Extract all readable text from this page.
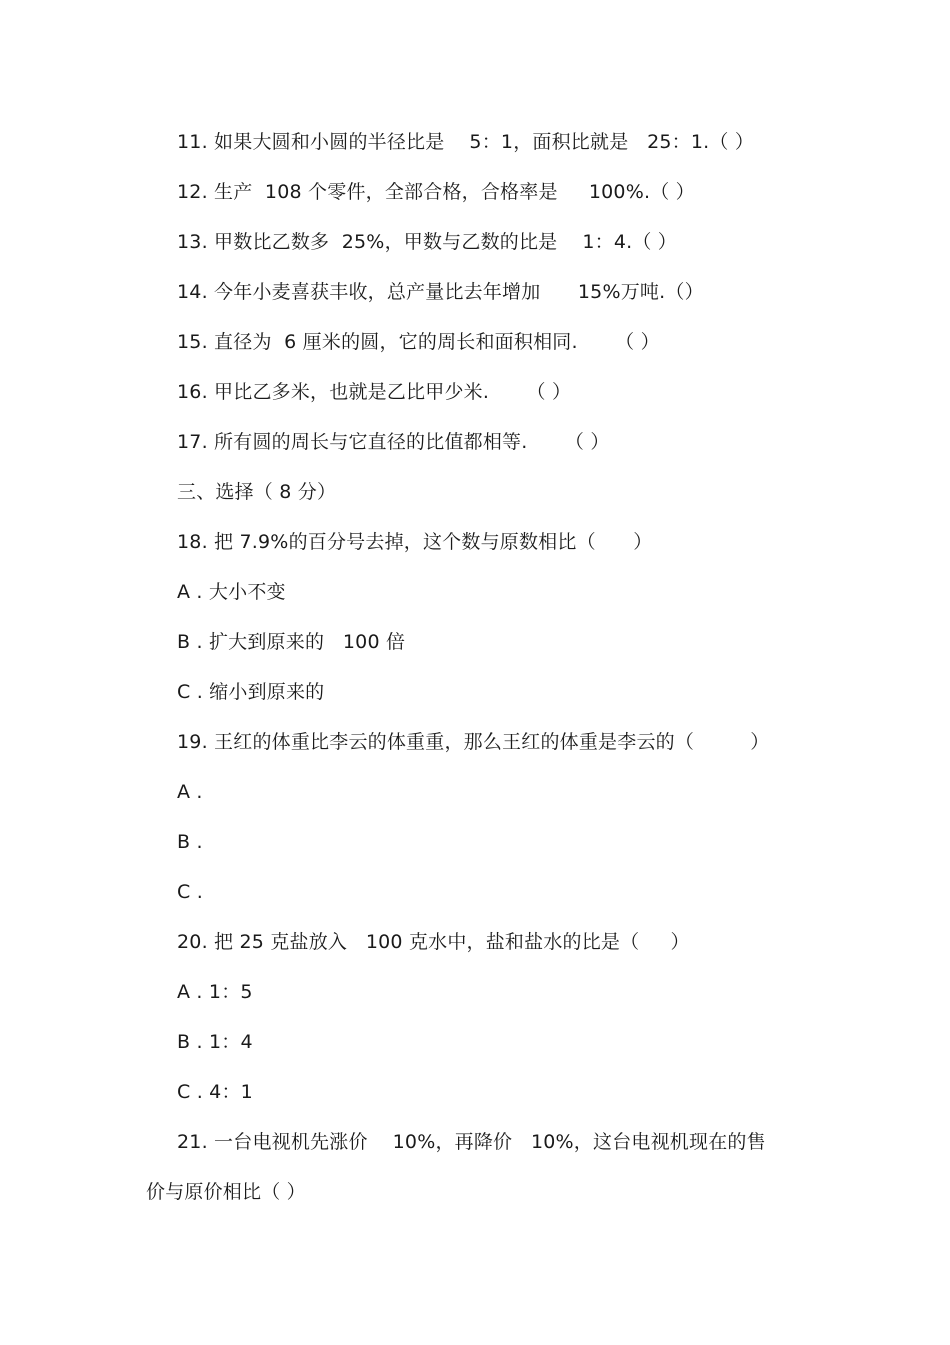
11. 如果大圆和小圆的半径比是    5：1，面积比就是   25：1.（ ）
12. 生产  108 个零件，全部合格，合格率是     100%.（ ）
13. 甲数比乙数多  25%，甲数与乙数的比是    1：4.（ ）
14. 今年小麦喜获丰收，总产量比去年增加      15%万吨.（）
15. 直径为  6 厘米的圆，它的周长和面积相同.      （ ）
16. 甲比乙多米，也就是乙比甲少米.      （ ）
17. 所有圆的周长与它直径的比值都相等.      （ ）
三、选择（ 8 分）
18. 把 7.9%的百分号去掉，这个数与原数相比（      ）
A . 大小不变
B . 扩大到原来的   100 倍
C . 缩小到原来的
19. 王红的体重比李云的体重重，那么王红的体重是李云的（         ）
A .
B .
C .
20. 把 25 克盐放入   100 克水中，盐和盐水的比是（     ）
A . 1：5
B . 1：4
C . 4：1
21. 一台电视机先涨价    10%，再降价   10%，这台电视机现在的售
价与原价相比（ ）
